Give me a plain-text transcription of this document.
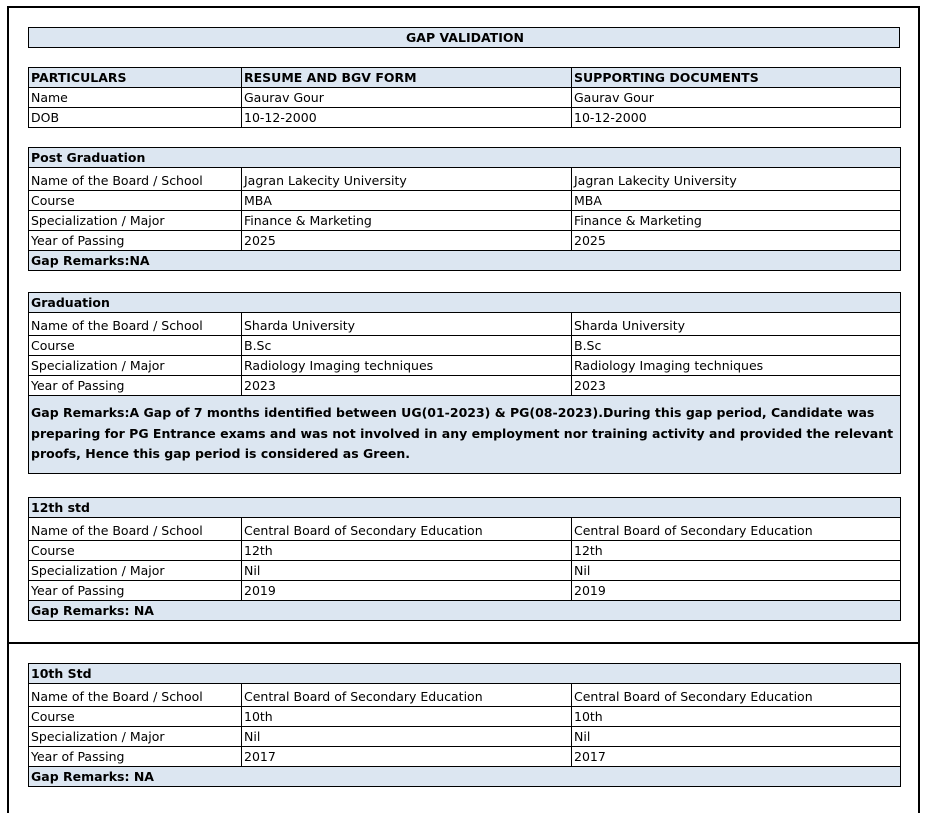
GAP VALIDATION
PARTICULARS	RESUME AND BGV FORM	SUPPORTING DOCUMENTS
Name	Gaurav Gour	Gaurav Gour
DOB	10-12-2000	10-12-2000
Post Graduation		
Name of the Board / School	Jagran Lakecity University	Jagran Lakecity University
Course	MBA	MBA
Specialization / Major	Finance & Marketing	Finance & Marketing
Year of Passing	2025	2025
Gap Remarks:NA		
Graduation		
Name of the Board / School	Sharda University	Sharda University
Course	B.Sc	B.Sc
Specialization / Major	Radiology Imaging techniques	Radiology Imaging techniques
Year of Passing	2023	2023
Gap Remarks:A Gap of 7 months identified between UG(01-2023) & PG(08-2023).During this gap period, Candidate was preparing for PG Entrance exams and was not involved in any employment nor training activity and provided the relevant proofs, Hence this gap period is considered as Green.		
12th std		
Name of the Board / School	Central Board of Secondary Education	Central Board of Secondary Education
Course	12th	12th
Specialization / Major	Nil	Nil
Year of Passing	2019	2019
Gap Remarks: NA		
10th Std		
Name of the Board / School	Central Board of Secondary Education	Central Board of Secondary Education
Course	10th	10th
Specialization / Major	Nil	Nil
Year of Passing	2017	2017
Gap Remarks: NA		
